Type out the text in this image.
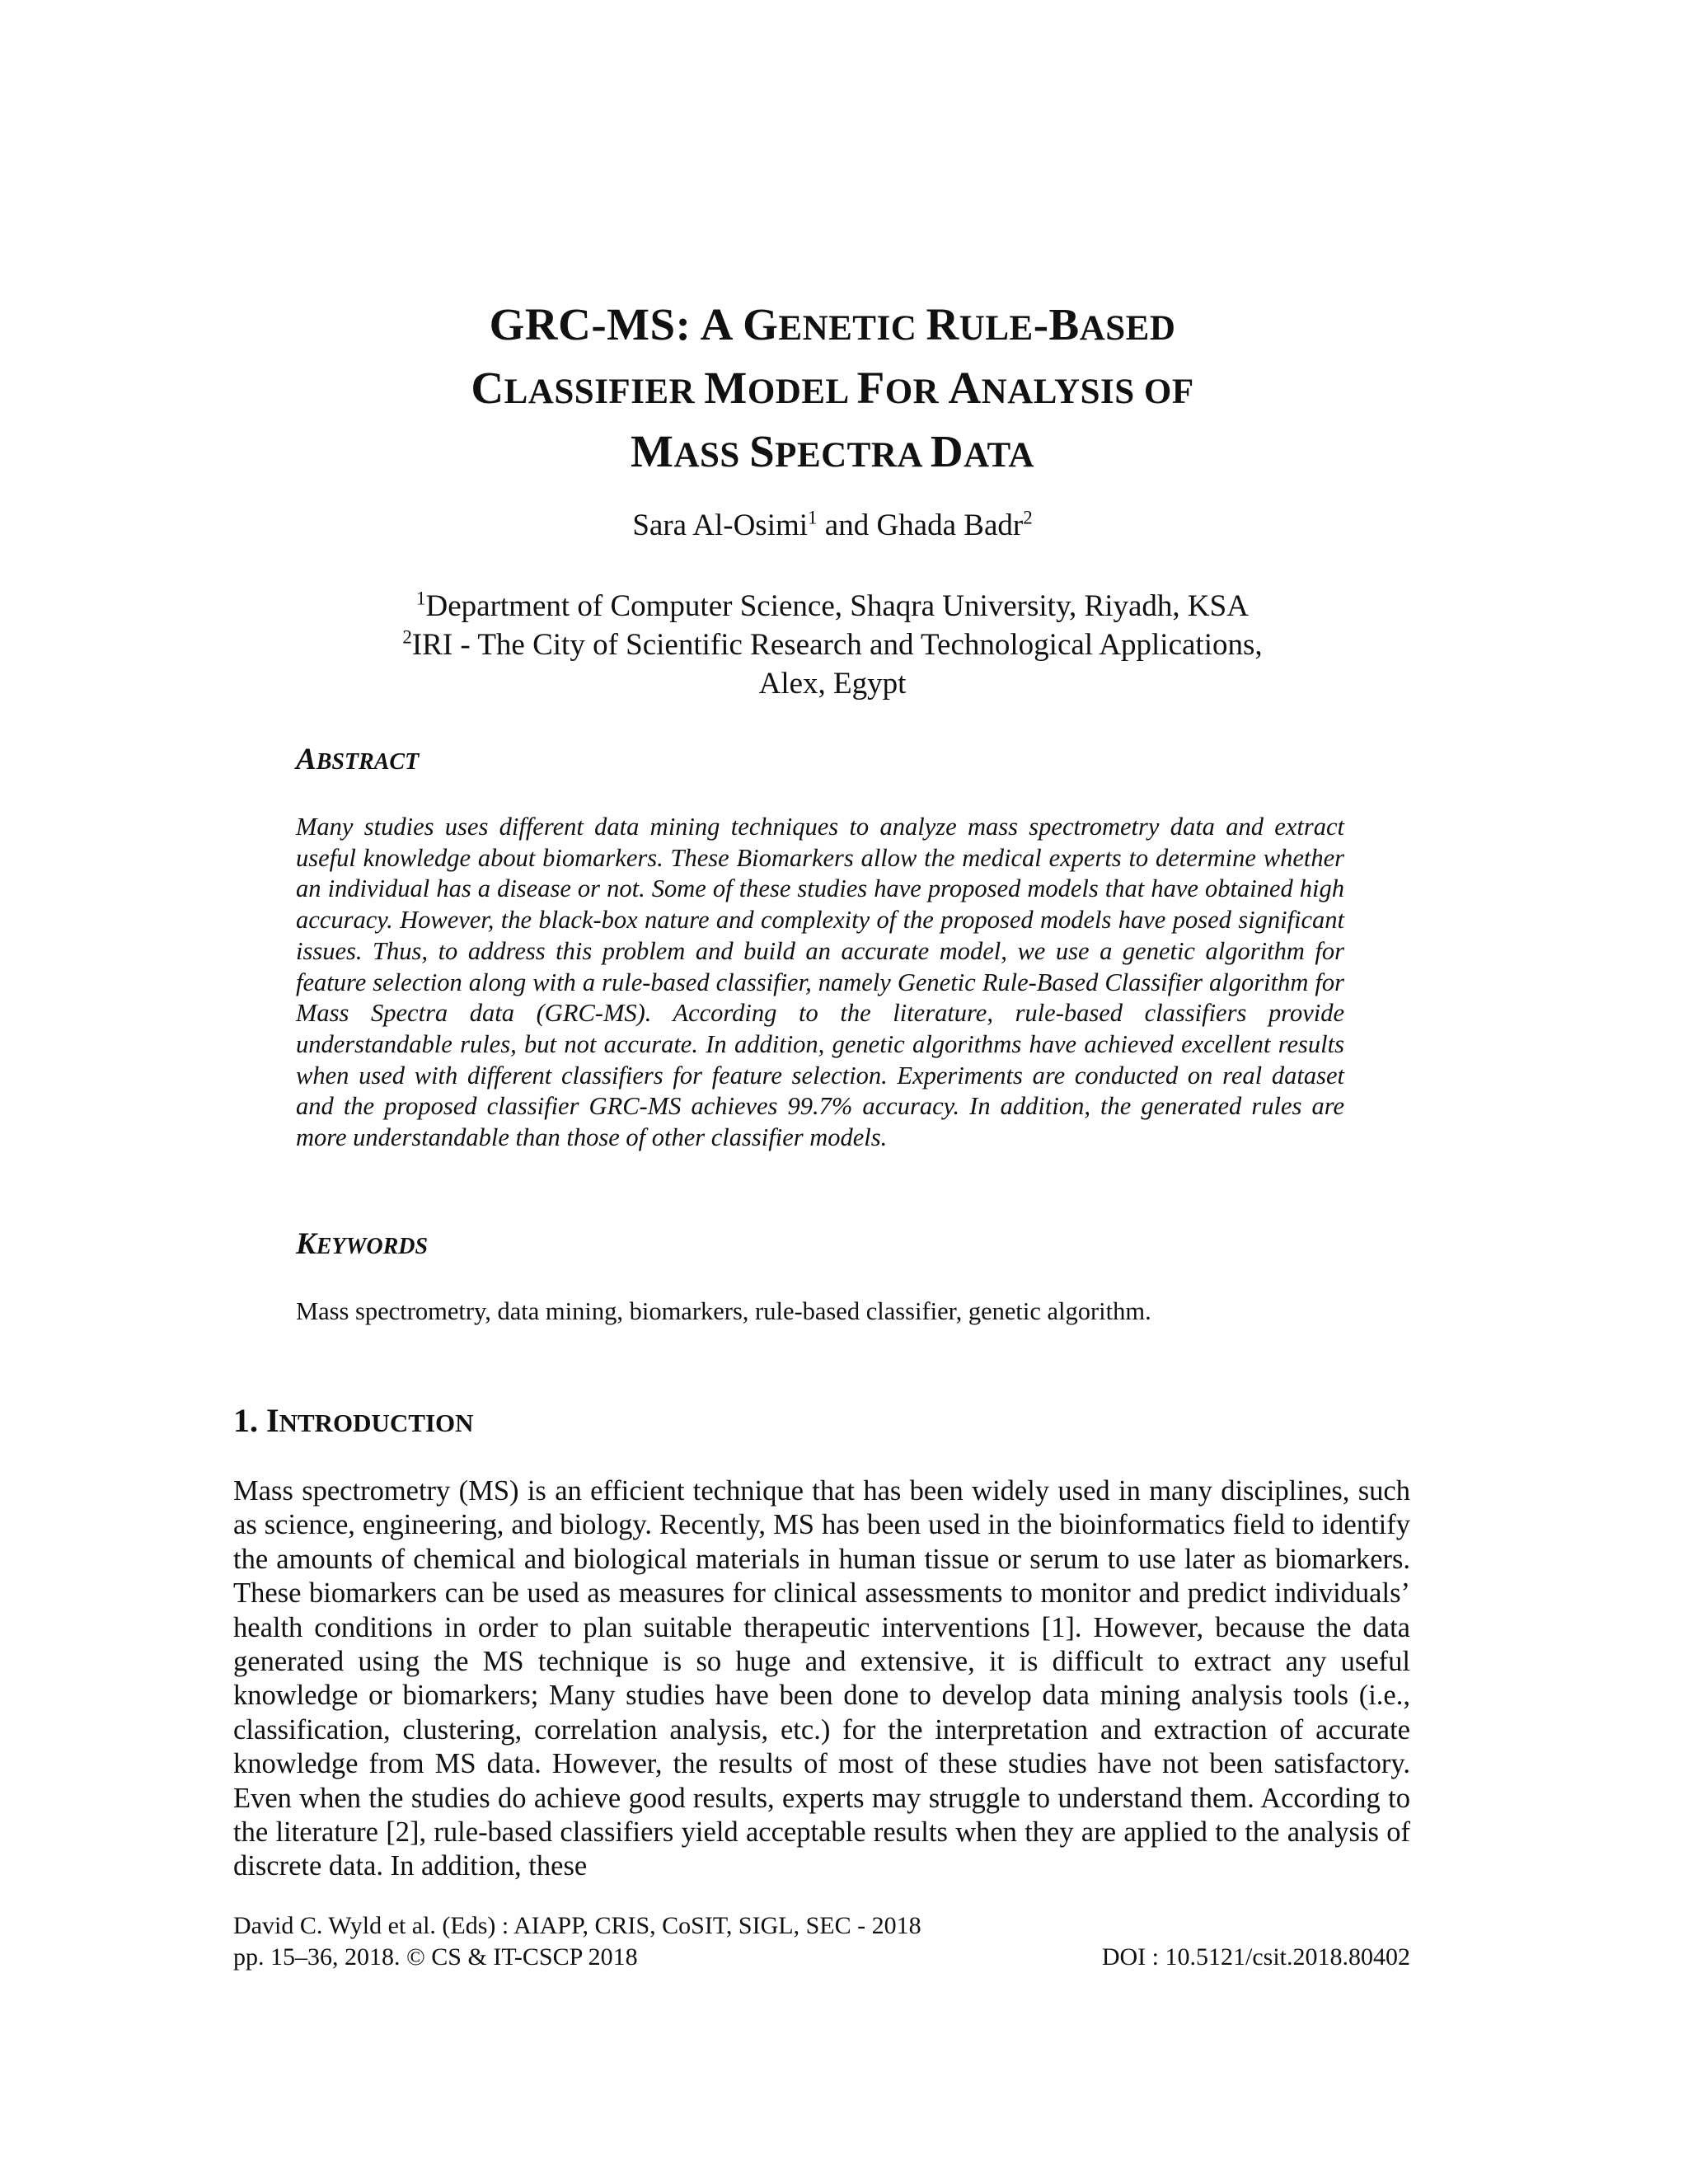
GRC-MS: A GENETIC RULE-BASED
CLASSIFIER MODEL FOR ANALYSIS OF
MASS SPECTRA DATA
Sara Al-Osimi$^1$ and Ghada Badr$^2$
$^1$Department of Computer Science, Shaqra University, Riyadh, KSA
$^2$IRI - The City of Scientific Research and Technological Applications,
Alex, Egypt
ABSTRACT

Many studies uses different data mining techniques to analyze mass spectrometry data and extract useful knowledge about biomarkers. These Biomarkers allow the medical experts to determine whether an individual has a disease or not. Some of these studies have proposed models that have obtained high accuracy. However, the black-box nature and complexity of the proposed models have posed significant issues. Thus, to address this problem and build an accurate model, we use a genetic algorithm for feature selection along with a rule-based classifier, namely Genetic Rule-Based Classifier algorithm for Mass Spectra data (GRC-MS). According to the literature, rule-based classifiers provide understandable rules, but not accurate. In addition, genetic algorithms have achieved excellent results when used with different classifiers for feature selection. Experiments are conducted on real dataset and the proposed classifier GRC-MS achieves 99.7% accuracy. In addition, the generated rules are more understandable than those of other classifier models.

KEYWORDS

Mass spectrometry, data mining, biomarkers, rule-based classifier, genetic algorithm.

1. INTRODUCTION

Mass spectrometry (MS) is an efficient technique that has been widely used in many disciplines, such as science, engineering, and biology. Recently, MS has been used in the bioinformatics field to identify the amounts of chemical and biological materials in human tissue or serum to use later as biomarkers. These biomarkers can be used as measures for clinical assessments to monitor and predict individuals’ health conditions in order to plan suitable therapeutic interventions [1]. However, because the data generated using the MS technique is so huge and extensive, it is difficult to extract any useful knowledge or biomarkers; Many studies have been done to develop data mining analysis tools (i.e., classification, clustering, correlation analysis, etc.) for the interpretation and extraction of accurate knowledge from MS data. However, the results of most of these studies have not been satisfactory. Even when the studies do achieve good results, experts may struggle to understand them. According to the literature [2], rule-based classifiers yield acceptable results when they are applied to the analysis of discrete data. In addition, these

David C. Wyld et al. (Eds) : AIAPP, CRIS, CoSIT, SIGL, SEC - 2018
pp. 15–36, 2018. © CS & IT-CSCP 2018	DOI : 10.5121/csit.2018.80402
